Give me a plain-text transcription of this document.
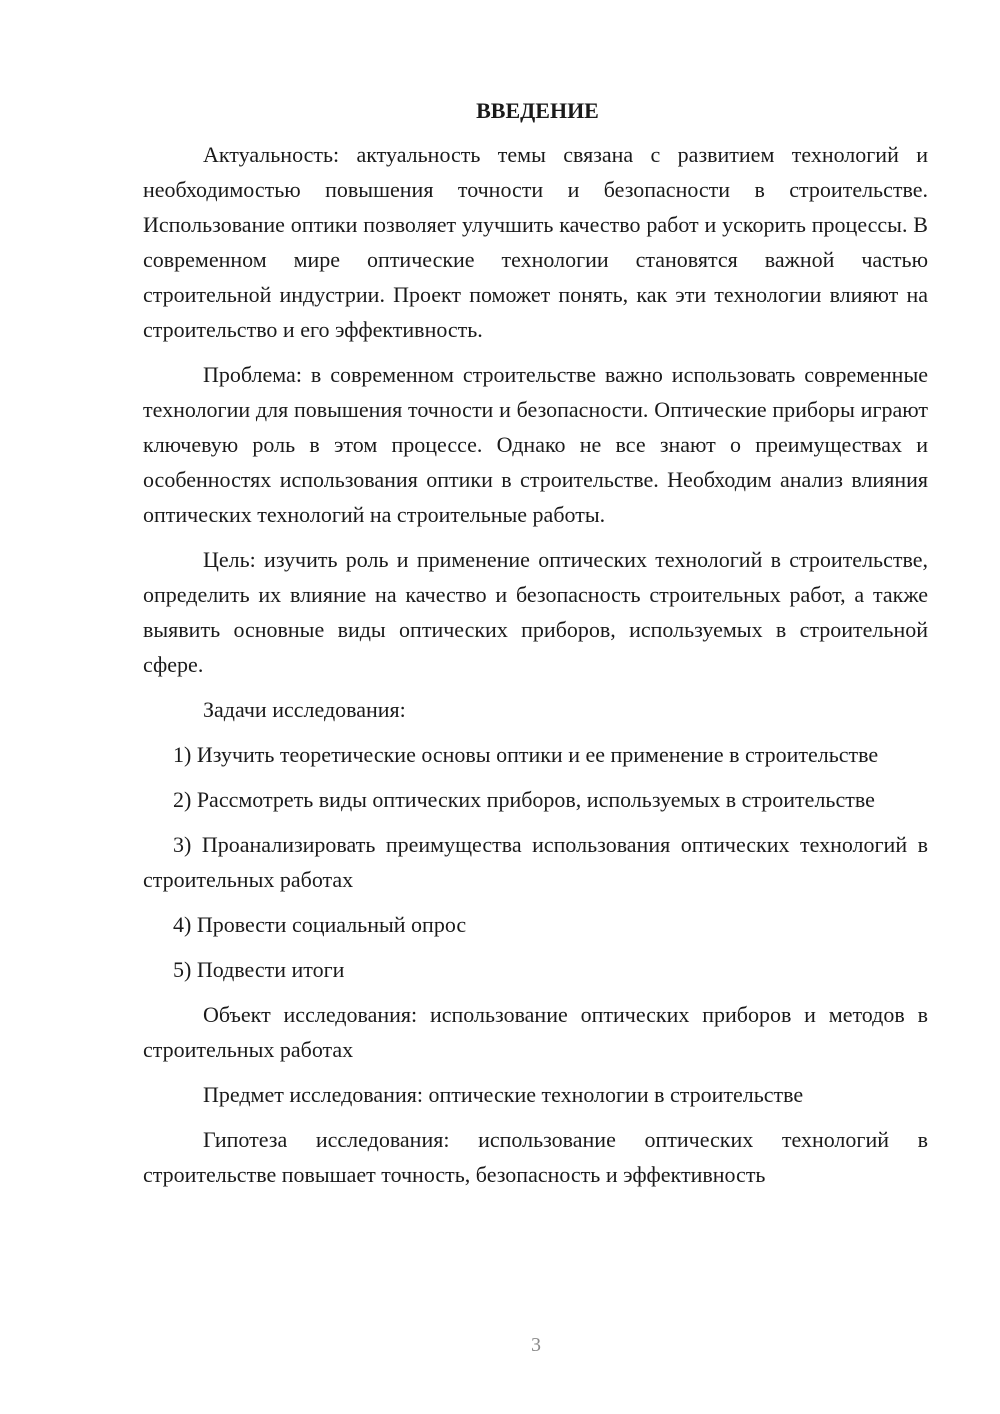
ВВЕДЕНИЕ

Актуальность: актуальность темы связана с развитием технологий и необходимостью повышения точности и безопасности в строительстве. Использование оптики позволяет улучшить качество работ и ускорить процессы. В современном мире оптические технологии становятся важной частью строительной индустрии. Проект поможет понять, как эти технологии влияют на строительство и его эффективность.

Проблема: в современном строительстве важно использовать современные технологии для повышения точности и безопасности. Оптические приборы играют ключевую роль в этом процессе. Однако не все знают о преимуществах и особенностях использования оптики в строительстве. Необходим анализ влияния оптических технологий на строительные работы.

Цель: изучить роль и применение оптических технологий в строительстве, определить их влияние на качество и безопасность строительных работ, а также выявить основные виды оптических приборов, используемых в строительной сфере.

Задачи исследования:

1) Изучить теоретические основы оптики и ее применение в строительстве

2) Рассмотреть виды оптических приборов, используемых в строительстве

3) Проанализировать преимущества использования оптических технологий в строительных работах

4) Провести социальный опрос

5) Подвести итоги

Объект исследования: использование оптических приборов и методов в строительных работах

Предмет исследования: оптические технологии в строительстве

Гипотеза исследования: использование оптических технологий в строительстве повышает точность, безопасность и эффективность

3
